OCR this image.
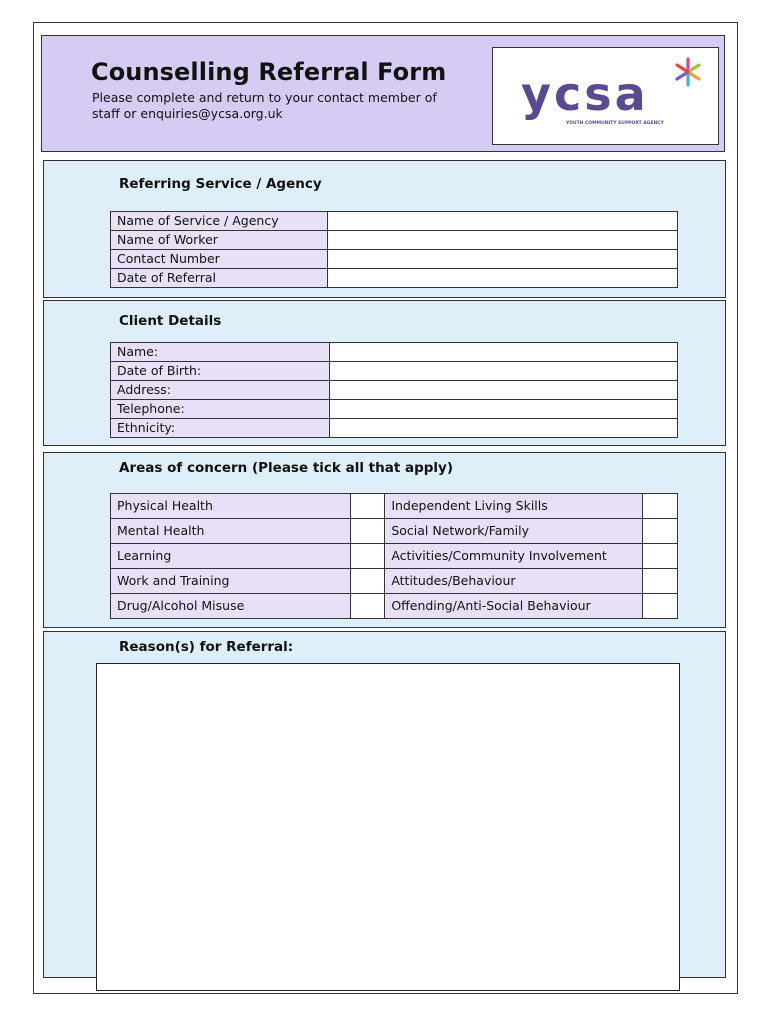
Counselling Referral Form
Please complete and return to your contact member of
staff or enquiries@ycsa.org.uk	ycsa
YOUTH COMMUNITY SUPPORT AGENCY
Referring Service / Agency
Name of Service / Agency	
Name of Worker	
Contact Number	
Date of Referral	
Client Details
Name:	
Date of Birth:	
Address:	
Telephone:	
Ethnicity:	
Areas of concern (Please tick all that apply)
Physical Health		Independent Living Skills	
Mental Health		Social Network/Family	
Learning		Activities/Community Involvement	
Work and Training		Attitudes/Behaviour	
Drug/Alcohol Misuse		Offending/Anti-Social Behaviour	
Reason(s) for Referral:
